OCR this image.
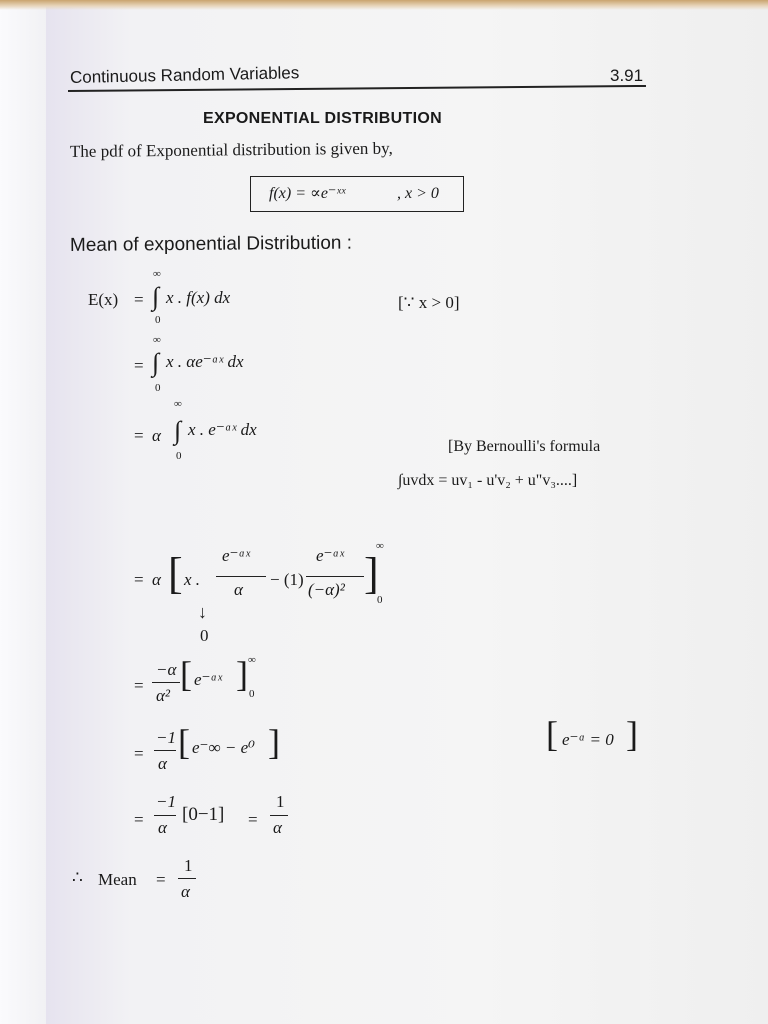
Continuous Random Variables	3.91
EXPONENTIAL DISTRIBUTION
The pdf of Exponential distribution is given by,
f(x) = ∝e⁻ˣˣ	, x > 0
Mean of exponential Distribution :
∞
E(x) = ∫ x . f(x) dx
0
[∵ x > 0]
∞
= ∫ x . αe⁻ᵅˣ dx
0
∞
= α ∫ x . e⁻ᵅˣ dx
0
[By Bernoulli's formula
∫uvdx = uv₁ - u'v₂ + u"v₃....]
= α [ x .
e⁻ᵅˣ
α
− (1)
e⁻ᵅˣ
(−α)² ]
∞
0
↓
0
=
−α
α²
[ e⁻ᵅˣ ] ∞
0
=
−1
α
[ e⁻∞ − e⁰ ]	[ e⁻ᵅ = 0 ]
=
−1
α
[0−1] =
1
α
∴ Mean =
1
α
